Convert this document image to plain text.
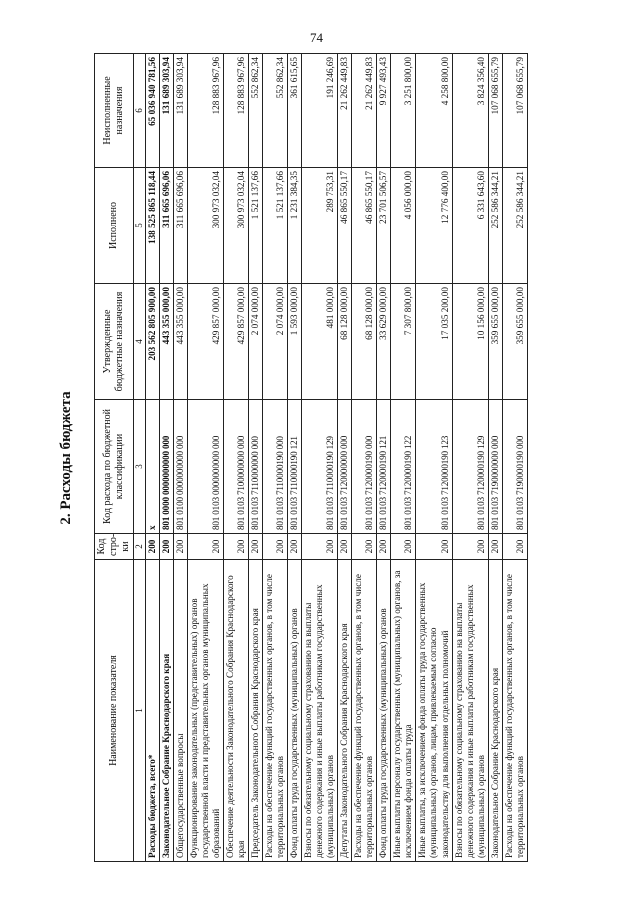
74
2. Расходы бюджета
Наименование показателя	Код стро- ки	Код расхода по бюджетной классификации	Утвержденные бюджетные назначения	Исполнено	Неисполненные назначения
1	2	3	4	5	6
Расходы бюджета, всего*	200	x	203 562 805 900,00	138 525 865 118,44	65 036 940 781,56
Законодательное Собрание Краснодарского края	200	801 0000 0000000000 000	443 355 000,00	311 665 696,06	131 689 303,94
Общегосударственные вопросы	200	801 0100 0000000000 000	443 355 000,00	311 665 696,06	131 689 303,94
Функционирование законодательных (представительных) органов государственной власти и представительных органов муниципальных образований	200	801 0103 0000000000 000	429 857 000,00	300 973 032,04	128 883 967,96
Обеспечение деятельности Законодательного Собрания Краснодарского края	200	801 0103 7100000000 000	429 857 000,00	300 973 032,04	128 883 967,96
Председатель Законодательного Собрания Краснодарского края	200	801 0103 7110000000 000	2 074 000,00	1 521 137,66	552 862,34
Расходы на обеспечение функций государственных органов, в том числе территориальных органов	200	801 0103 7110000190 000	2 074 000,00	1 521 137,66	552 862,34
Фонд оплаты труда государственных (муниципальных) органов	200	801 0103 7110000190 121	1 593 000,00	1 231 384,35	361 615,65
Взносы по обязательному социальному страхованию на выплаты денежного содержания и иные выплаты работникам государственных (муниципальных) органов	200	801 0103 7110000190 129	481 000,00	289 753,31	191 246,69
Депутаты Законодательного Собрания Краснодарского края	200	801 0103 7120000000 000	68 128 000,00	46 865 550,17	21 262 449,83
Расходы на обеспечение функций государственных органов, в том числе территориальных органов	200	801 0103 7120000190 000	68 128 000,00	46 865 550,17	21 262 449,83
Фонд оплаты труда государственных (муниципальных) органов	200	801 0103 7120000190 121	33 629 000,00	23 701 506,57	9 927 493,43
Иные выплаты персоналу государственных (муниципальных) органов, за исключением фонда оплаты труда	200	801 0103 7120000190 122	7 307 800,00	4 056 000,00	3 251 800,00
Иные выплаты, за исключением фонда оплаты труда государственных (муниципальных) органов, лицам, привлекаемым согласно законодательству для выполнения отдельных полномочий	200	801 0103 7120000190 123	17 035 200,00	12 776 400,00	4 258 800,00
Взносы по обязательному социальному страхованию на выплаты денежного содержания и иные выплаты работникам государственных (муниципальных) органов	200	801 0103 7120000190 129	10 156 000,00	6 331 643,60	3 824 356,40
Законодательное Собрание Краснодарского края	200	801 0103 7190000000 000	359 655 000,00	252 586 344,21	107 068 655,79
Расходы на обеспечение функций государственных органов, в том числе территориальных органов	200	801 0103 7190000190 000	359 655 000,00	252 586 344,21	107 068 655,79
